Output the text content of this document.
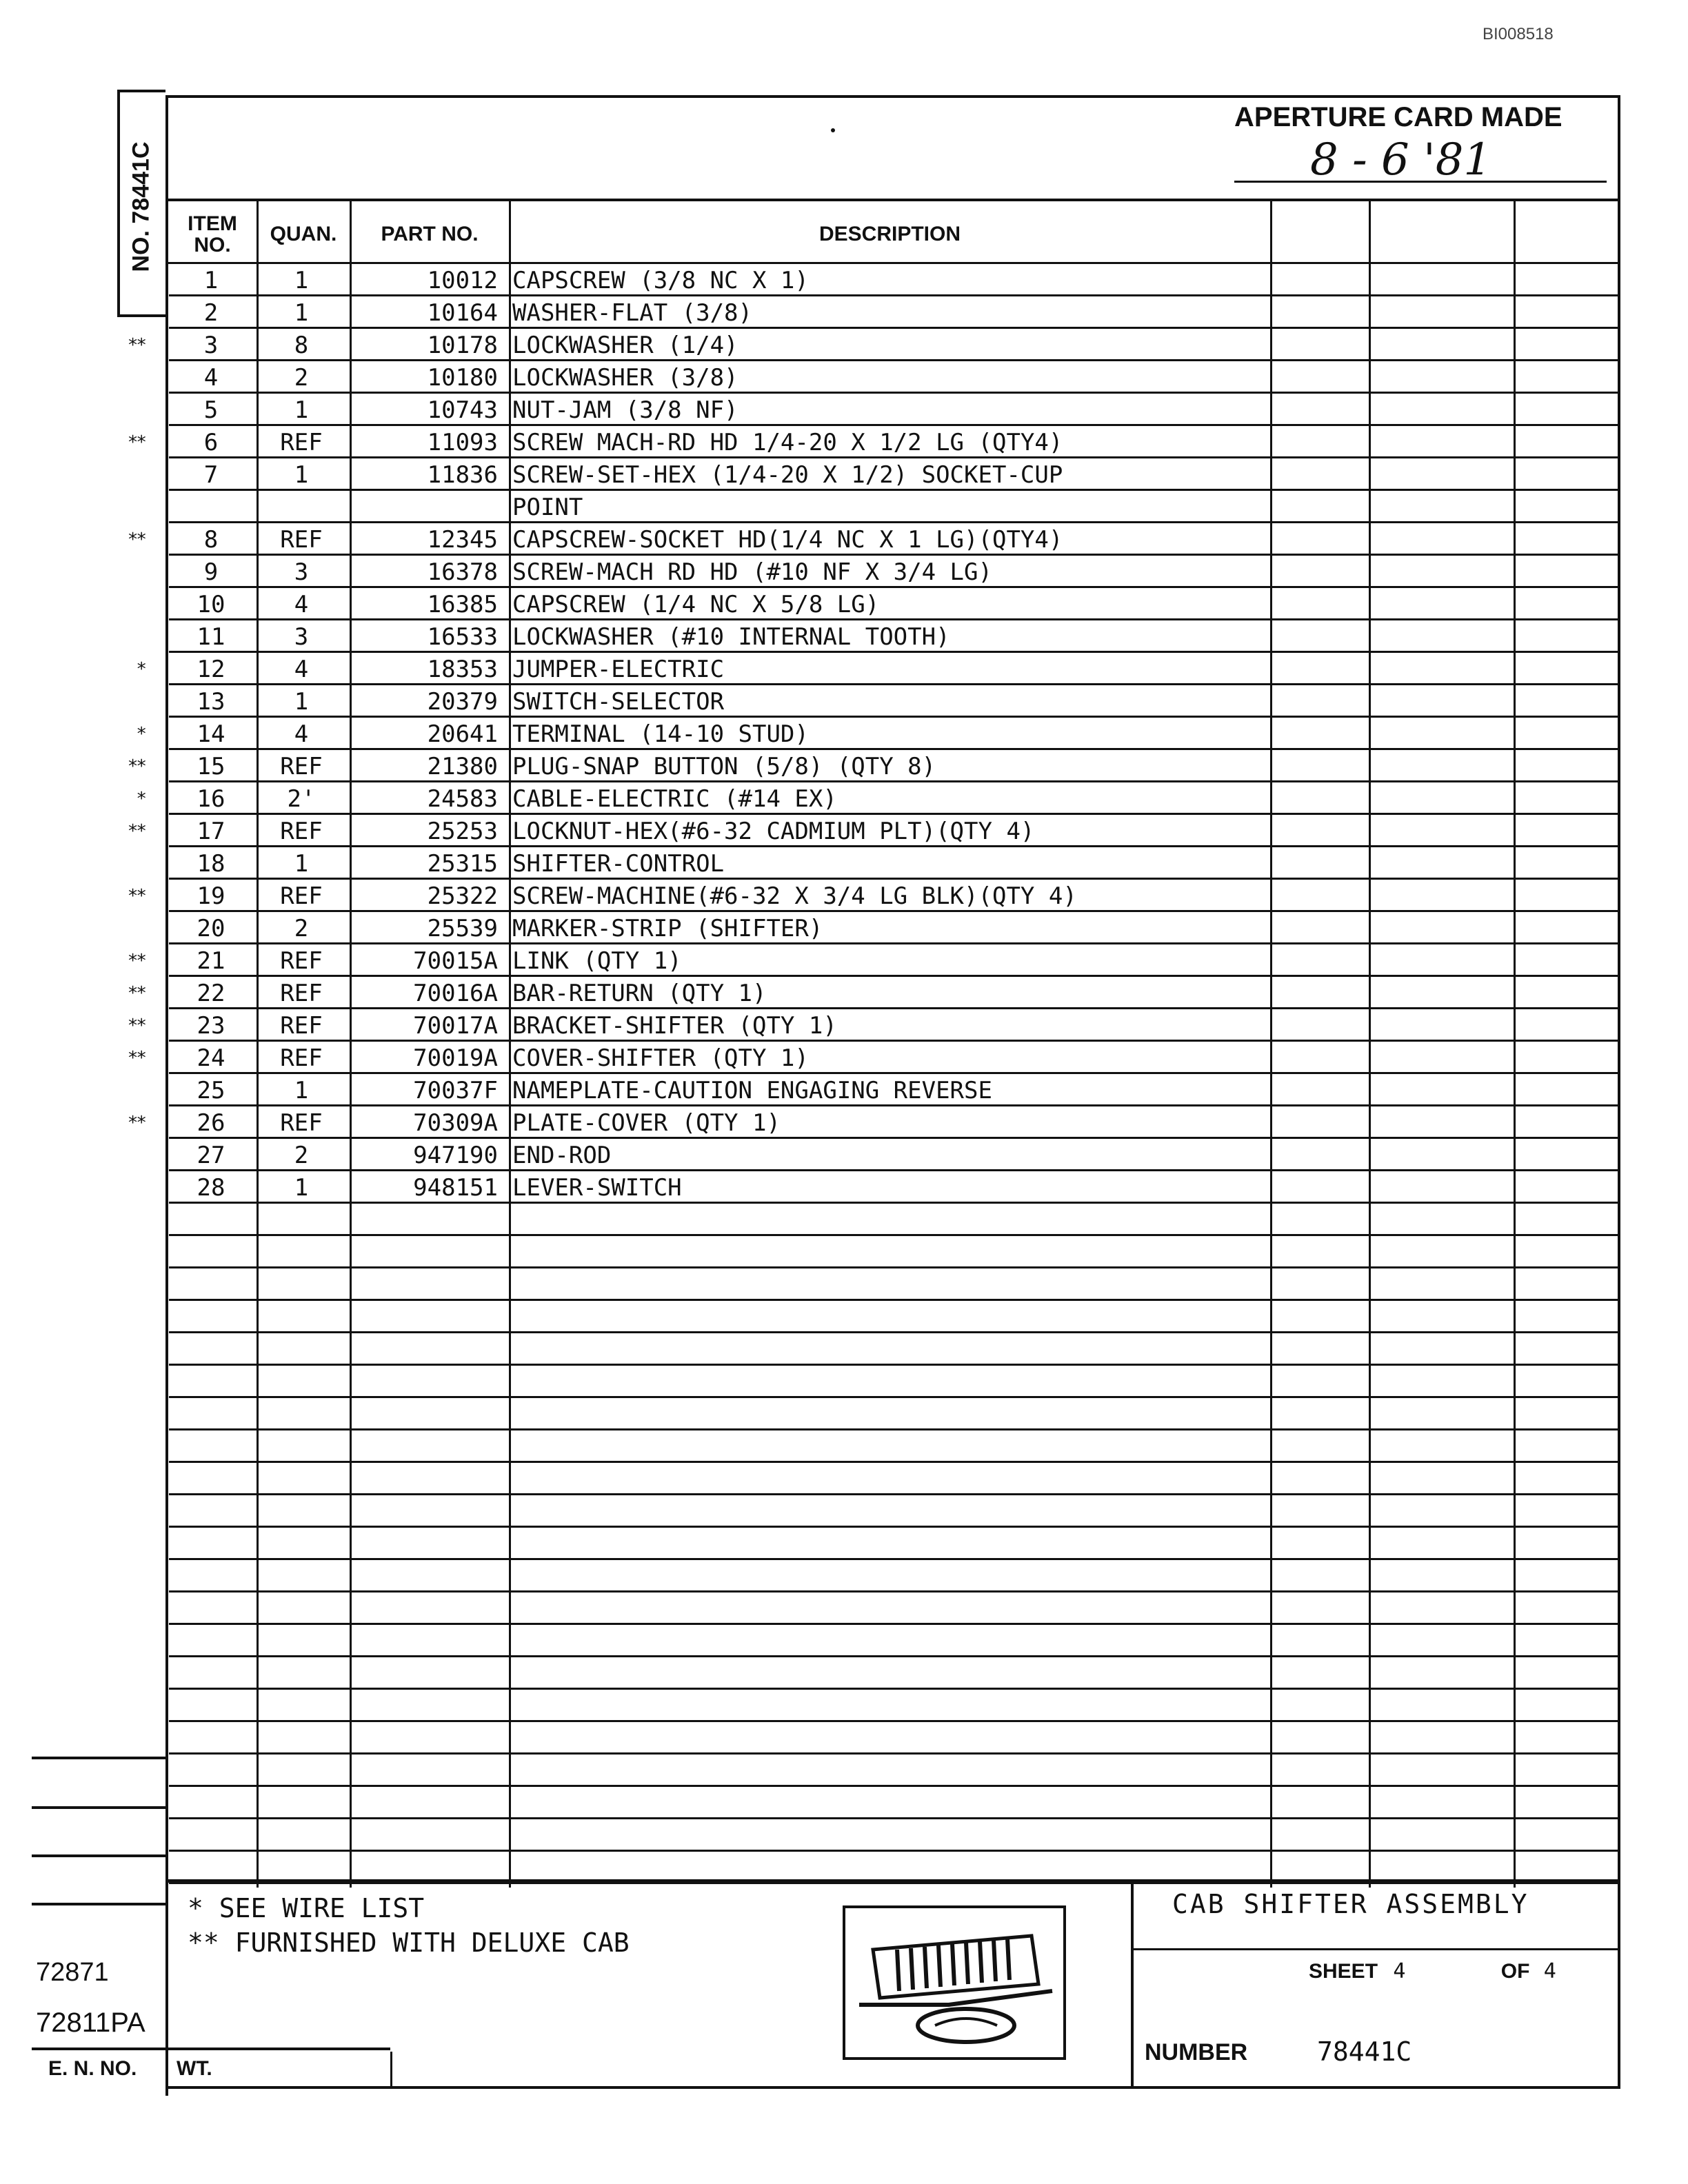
BI008518
NO. 78441C
APERTURE CARD MADE
8 - 6 '81
ITEM NO.	QUAN.	PART NO.	DESCRIPTION
1	1	10012 CAPSCREW (3/8 NC X 1)
2	1	10164 WASHER-FLAT (3/8)
3	8	10178 LOCKWASHER (1/4)
4	2	10180 LOCKWASHER (3/8)
5	1	10743 NUT-JAM (3/8 NF)
6	REF	11093 SCREW MACH-RD HD 1/4-20 X 1/2 LG (QTY4)
7	1	11836 SCREW-SET-HEX (1/4-20 X 1/2) SOCKET-CUP
POINT
8	REF	12345 CAPSCREW-SOCKET HD(1/4 NC X 1 LG)(QTY4)
9	3	16378 SCREW-MACH RD HD (#10 NF X 3/4 LG)
10	4	16385 CAPSCREW (1/4 NC X 5/8 LG)
11	3	16533 LOCKWASHER (#10 INTERNAL TOOTH)
12	4	18353 JUMPER-ELECTRIC
13	1	20379 SWITCH-SELECTOR
14	4	20641 TERMINAL (14-10 STUD)
15	REF	21380 PLUG-SNAP BUTTON (5/8) (QTY 8)
16	2'	24583 CABLE-ELECTRIC (#14 EX)
17	REF	25253 LOCKNUT-HEX(#6-32 CADMIUM PLT)(QTY 4)
18	1	25315 SHIFTER-CONTROL
19	REF	25322 SCREW-MACHINE(#6-32 X 3/4 LG BLK)(QTY 4)
20	2	25539 MARKER-STRIP (SHIFTER)
21	REF	70015A LINK (QTY 1)
22	REF	70016A BAR-RETURN (QTY 1)
23	REF	70017A BRACKET-SHIFTER (QTY 1)
24	REF	70019A COVER-SHIFTER (QTY 1)
25	1	70037F NAMEPLATE-CAUTION ENGAGING REVERSE
26	REF	70309A PLATE-COVER (QTY 1)
27	2	947190 END-ROD
28	1	948151 LEVER-SWITCH
* SEE WIRE LIST
** FURNISHED WITH DELUXE CAB
CAB SHIFTER ASSEMBLY
SHEET 4	OF 4
NUMBER	78441C
72871
72811PA
E. N. NO. WT.
**
**
**
*
*
**
*
**
**
**
**
**
**
**
